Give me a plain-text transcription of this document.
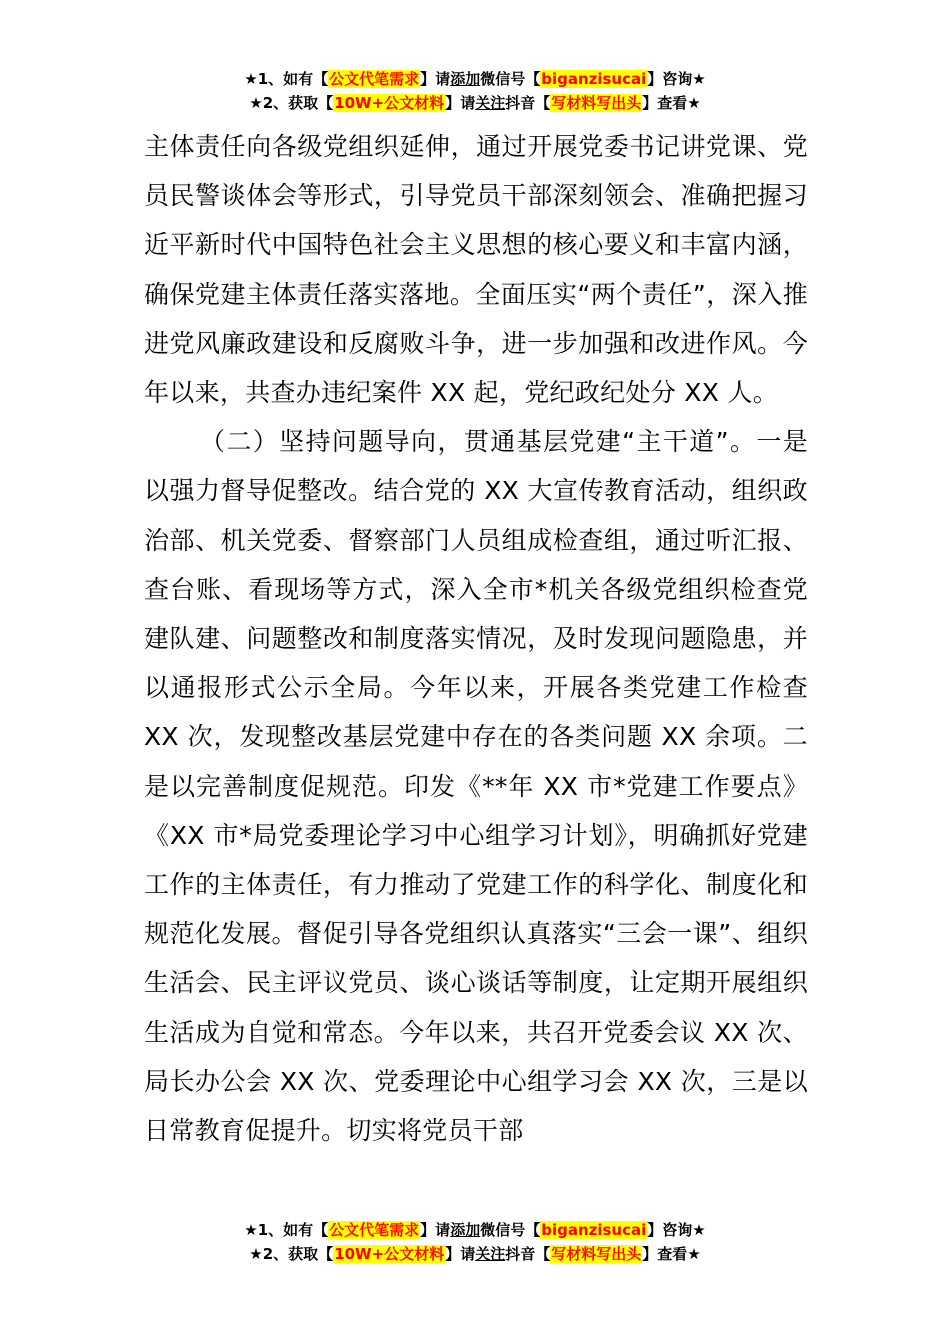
★1、如有【公文代笔需求】请添加微信号【biganzisucai】咨询★
★2、获取【10W+公文材料】请关注抖音【写材料写出头】查看★

主体责任向各级党组织延伸，通过开展党委书记讲党课、党员民警谈体会等形式，引导党员干部深刻领会、准确把握习近平新时代中国特色社会主义思想的核心要义和丰富内涵，确保党建主体责任落实落地。全面压实“两个责任”，深入推进党风廉政建设和反腐败斗争，进一步加强和改进作风。今年以来，共查办违纪案件 XX 起，党纪政纪处分 XX 人。

（二）坚持问题导向，贯通基层党建“主干道”。一是以强力督导促整改。结合党的 XX 大宣传教育活动，组织政治部、机关党委、督察部门人员组成检查组，通过听汇报、查台账、看现场等方式，深入全市*机关各级党组织检查党建队建、问题整改和制度落实情况，及时发现问题隐患，并以通报形式公示全局。今年以来，开展各类党建工作检查 XX 次，发现整改基层党建中存在的各类问题 XX 余项。二是以完善制度促规范。印发《**年 XX 市*党建工作要点》《XX 市*局党委理论学习中心组学习计划》，明确抓好党建工作的主体责任，有力推动了党建工作的科学化、制度化和规范化发展。督促引导各党组织认真落实“三会一课”、组织生活会、民主评议党员、谈心谈话等制度，让定期开展组织生活成为自觉和常态。今年以来，共召开党委会议 XX 次、局长办公会 XX 次、党委理论中心组学习会 XX 次，三是以日常教育促提升。切实将党员干部

★1、如有【公文代笔需求】请添加微信号【biganzisucai】咨询★
★2、获取【10W+公文材料】请关注抖音【写材料写出头】查看★
